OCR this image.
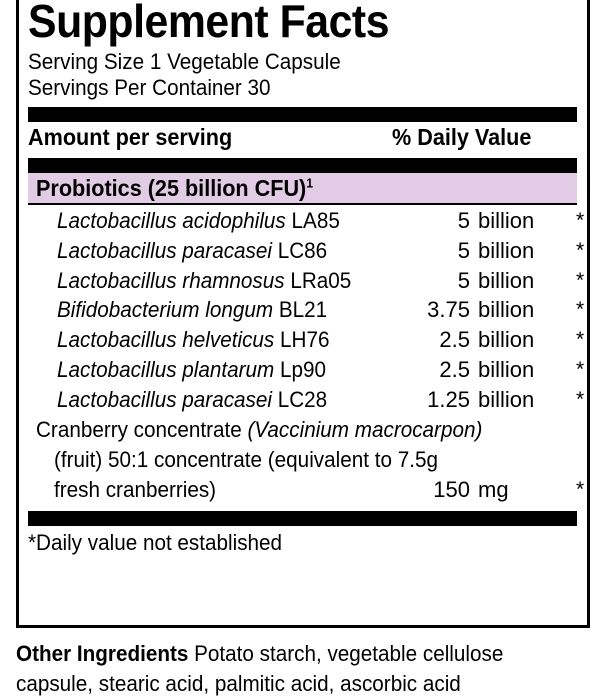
Supplement Facts
Serving Size 1 Vegetable Capsule
Servings Per Container 30
Amount per serving	% Daily Value
Probiotics (25 billion CFU)$^1$
Lactobacillus acidophilus LA85	5 billion *
Lactobacillus paracasei LC86	5 billion *
Lactobacillus rhamnosus LRa05	5 billion *
Bifidobacterium longum BL21	3.75 billion *
Lactobacillus helveticus LH76	2.5 billion *
Lactobacillus plantarum Lp90	2.5 billion *
Lactobacillus paracasei LC28	1.25 billion *
Cranberry concentrate (Vaccinium macrocarpon)
(fruit) 50:1 concentrate (equivalent to 7.5g
fresh cranberries)	150 mg	*
*Daily value not established
Other Ingredients Potato starch, vegetable cellulose
capsule, stearic acid, palmitic acid, ascorbic acid
